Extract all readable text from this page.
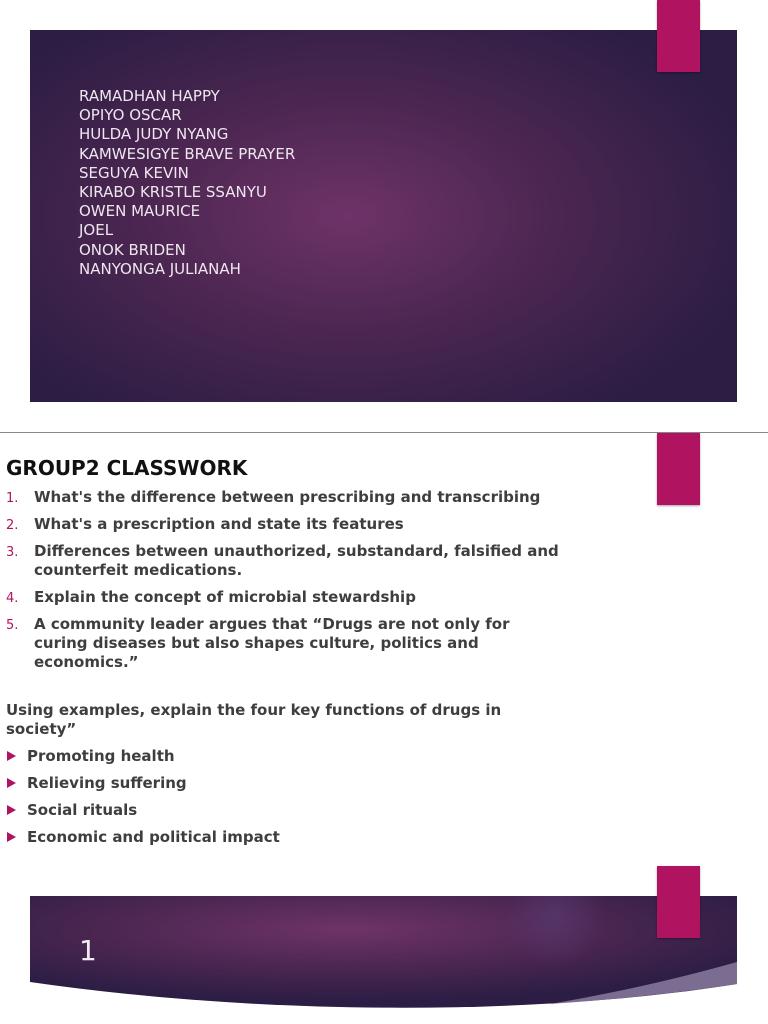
RAMADHAN HAPPY
OPIYO OSCAR
HULDA JUDY NYANG
KAMWESIGYE BRAVE PRAYER
SEGUYA KEVIN
KIRABO KRISTLE SSANYU
OWEN MAURICE
JOEL
ONOK BRIDEN
NANYONGA JULIANAH
GROUP2 CLASSWORK
1. What's the difference between prescribing and transcribing
2. What's a prescription and state its features
3. Differences between unauthorized, substandard, falsified and counterfeit medications.
4. Explain the concept of microbial stewardship
5. A community leader argues that “Drugs are not only for curing diseases but also shapes culture, politics and economics.”

Using examples, explain the four key functions of drugs in society”

Promoting health
Relieving suffering
Social rituals
Economic and political impact

1
